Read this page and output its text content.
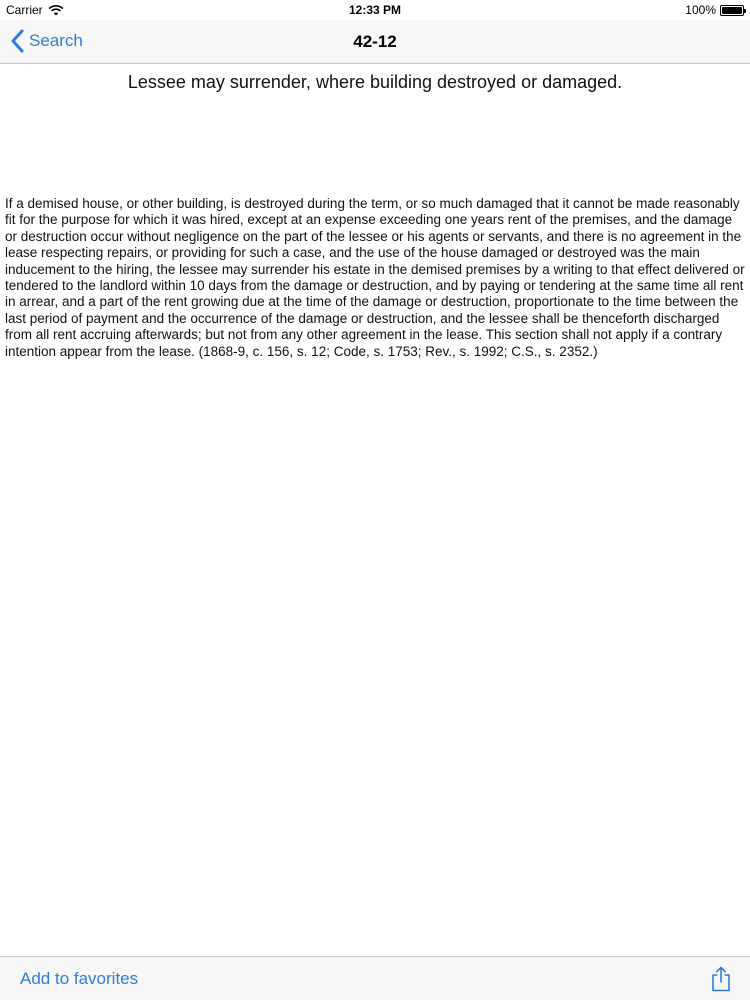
Carrier	12:33 PM	100%
Search	42-12
Lessee may surrender, where building destroyed or damaged.

If a demised house, or other building, is destroyed during the term, or so much damaged that it cannot be made reasonably fit for the purpose for which it was hired, except at an expense exceeding one years rent of the premises, and the damage or destruction occur without negligence on the part of the lessee or his agents or servants, and there is no agreement in the lease respecting repairs, or providing for such a case, and the use of the house damaged or destroyed was the main inducement to the hiring, the lessee may surrender his estate in the demised premises by a writing to that effect delivered or tendered to the landlord within 10 days from the damage or destruction, and by paying or tendering at the same time all rent in arrear, and a part of the rent growing due at the time of the damage or destruction, proportionate to the time between the last period of payment and the occurrence of the damage or destruction, and the lessee shall be thenceforth discharged from all rent accruing afterwards; but not from any other agreement in the lease. This section shall not apply if a contrary intention appear from the lease. (1868-9, c. 156, s. 12; Code, s. 1753; Rev., s. 1992; C.S., s. 2352.)

Add to favorites
